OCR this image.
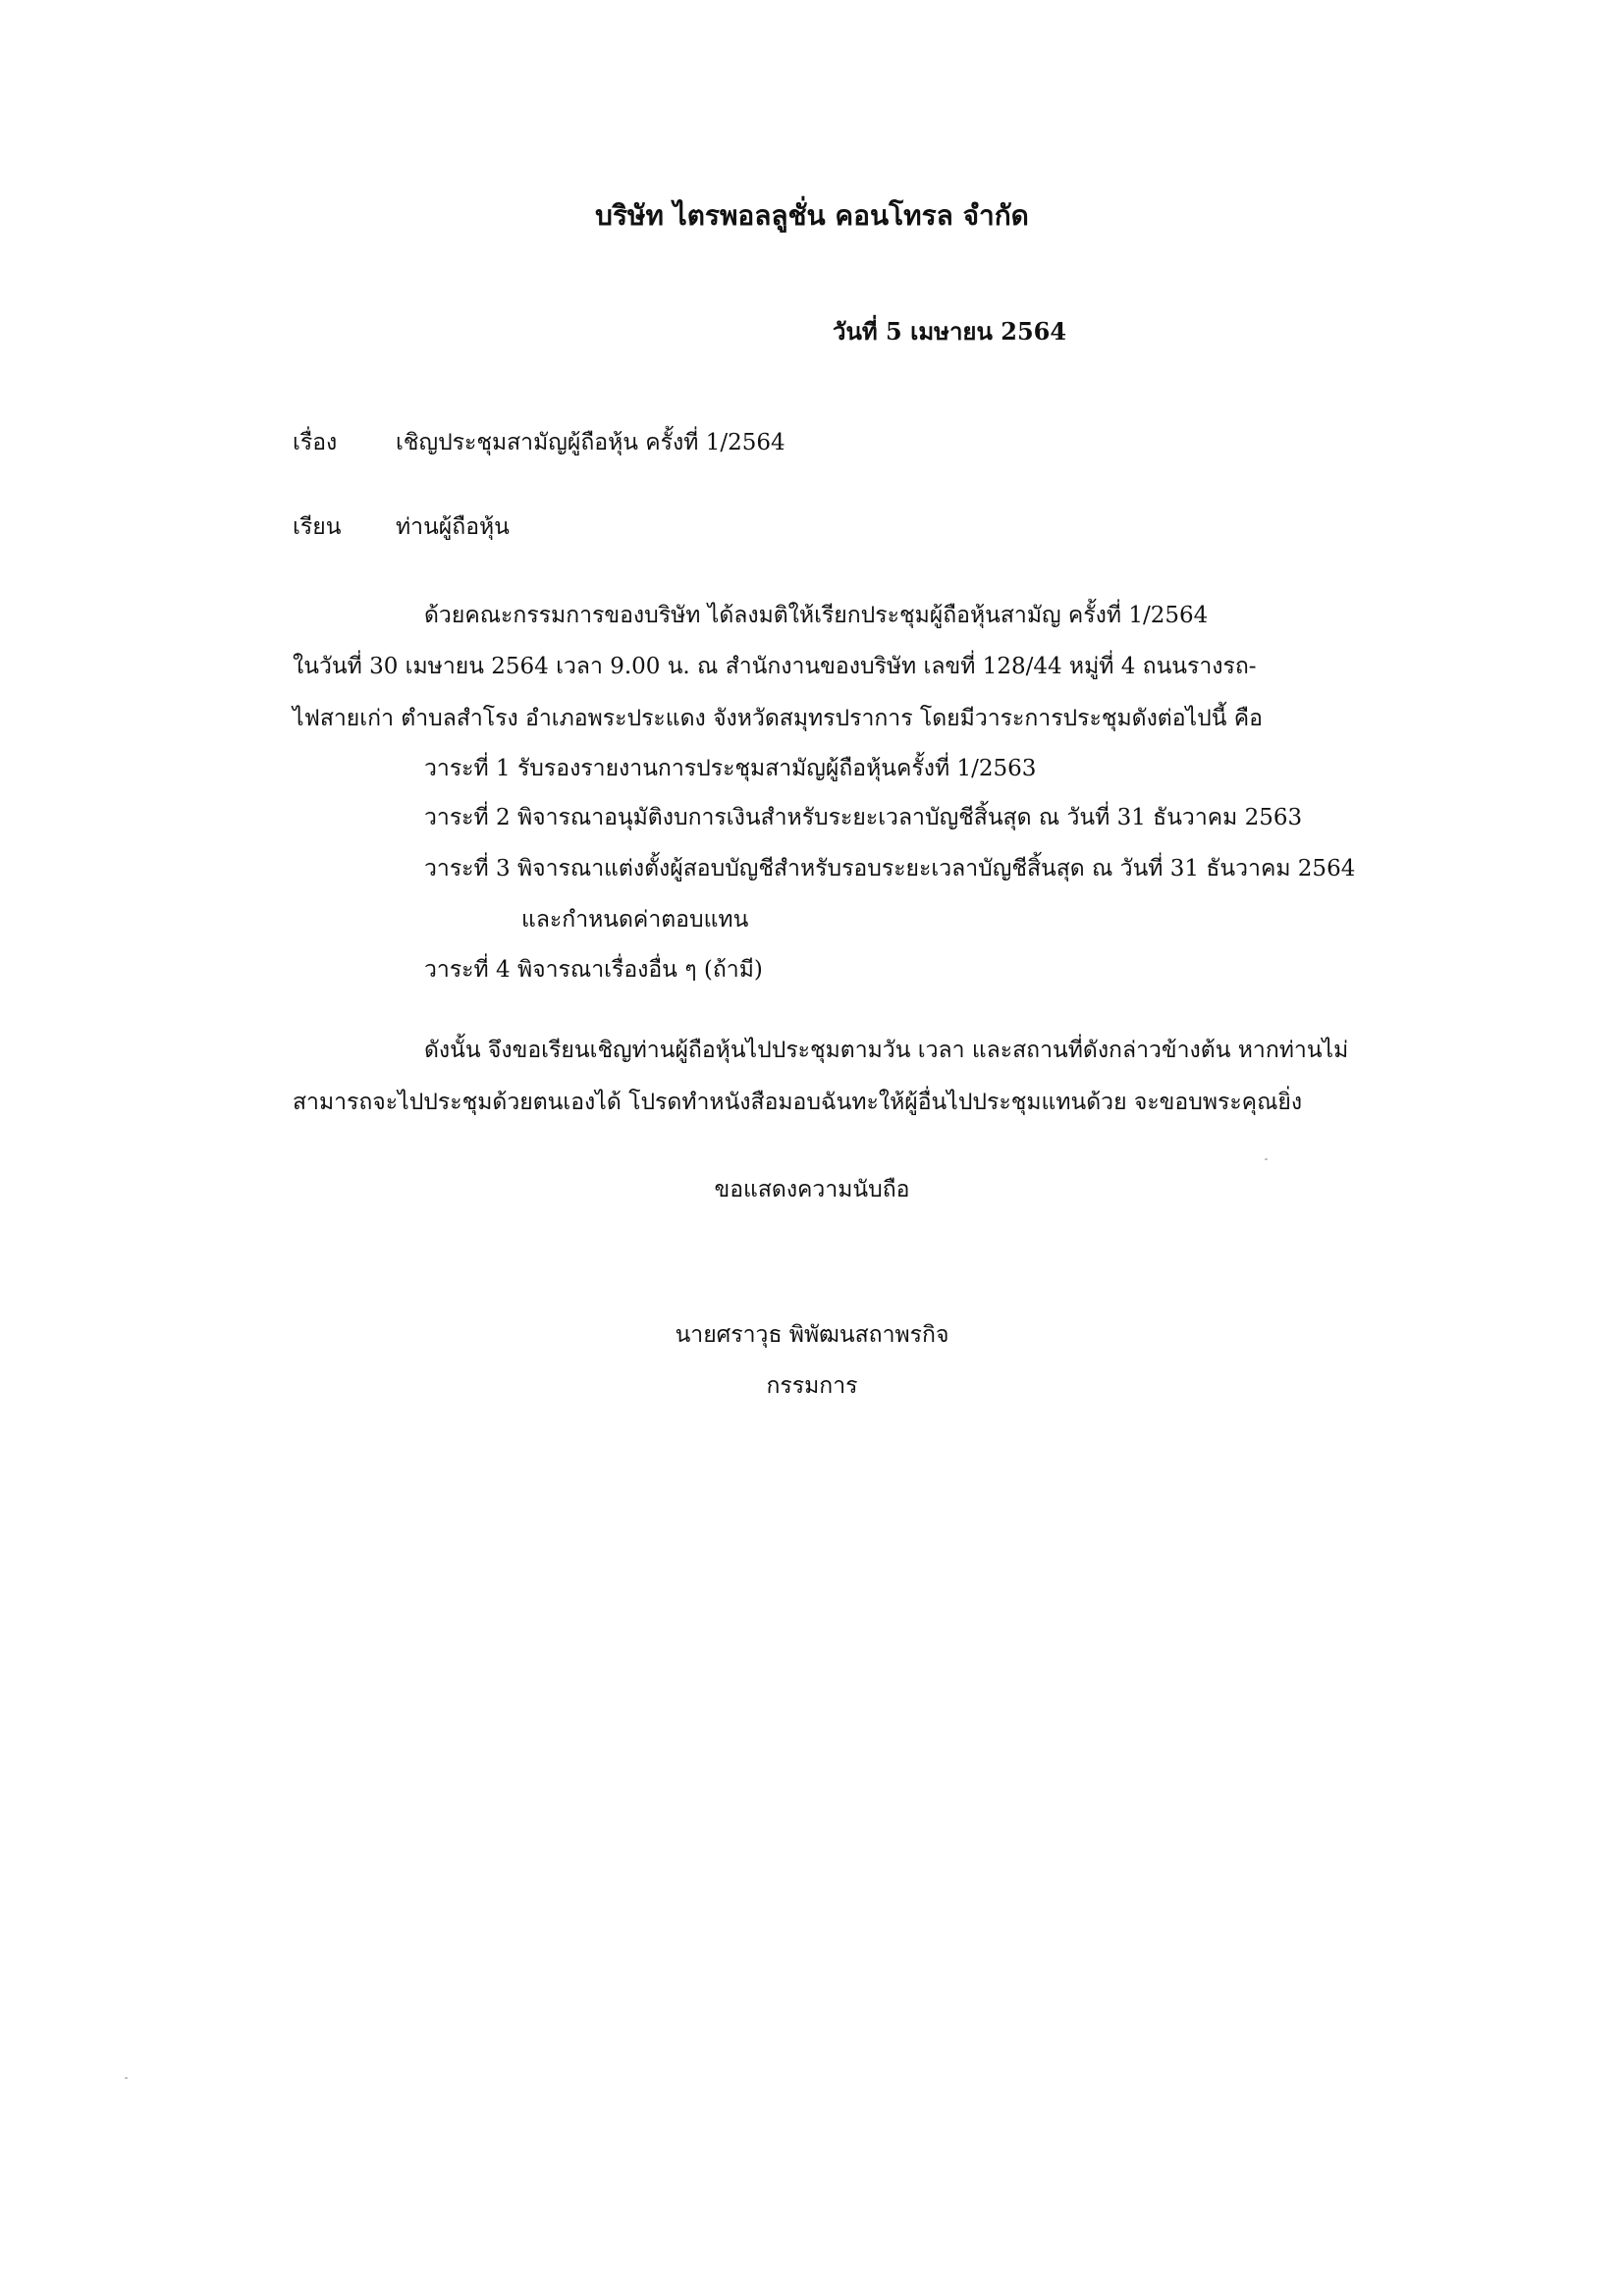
บริษัท ไตรพอลลูชั่น คอนโทรล จำกัด
วันที่ 5 เมษายน 2564
เรื่อง	เชิญประชุมสามัญผู้ถือหุ้น ครั้งที่ 1/2564
เรียน ท่านผู้ถือหุ้น
ด้วยคณะกรรมการของบริษัท ได้ลงมติให้เรียกประชุมผู้ถือหุ้นสามัญ ครั้งที่ 1/2564
ในวันที่ 30 เมษายน 2564 เวลา 9.00 น. ณ สำนักงานของบริษัท เลขที่ 128/44 หมู่ที่ 4 ถนนรางรถ-
ไฟสายเก่า ตำบลสำโรง อำเภอพระประแดง จังหวัดสมุทรปราการ โดยมีวาระการประชุมดังต่อไปนี้ คือ
วาระที่ 1 รับรองรายงานการประชุมสามัญผู้ถือหุ้นครั้งที่ 1/2563
วาระที่ 2 พิจารณาอนุมัติงบการเงินสำหรับระยะเวลาบัญชีสิ้นสุด ณ วันที่ 31 ธันวาคม 2563
วาระที่ 3 พิจารณาแต่งตั้งผู้สอบบัญชีสำหรับรอบระยะเวลาบัญชีสิ้นสุด ณ วันที่ 31 ธันวาคม 2564
และกำหนดค่าตอบแทน
วาระที่ 4 พิจารณาเรื่องอื่น ๆ (ถ้ามี)
ดังนั้น จึงขอเรียนเชิญท่านผู้ถือหุ้นไปประชุมตามวัน เวลา และสถานที่ดังกล่าวข้างต้น หากท่านไม่
สามารถจะไปประชุมด้วยตนเองได้ โปรดทำหนังสือมอบฉันทะให้ผู้อื่นไปประชุมแทนด้วย จะขอบพระคุณยิ่ง
ขอแสดงความนับถือ
นายศราวุธ พิพัฒนสถาพรกิจ
กรรมการ
